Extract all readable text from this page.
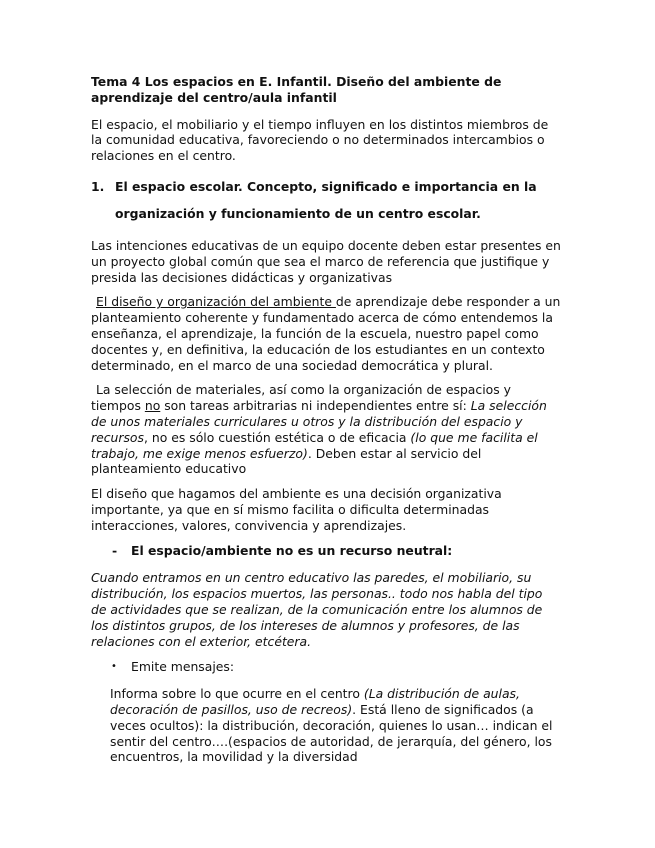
Tema 4 Los espacios en E. Infantil. Diseño del ambiente de aprendizaje del centro/aula infantil

El espacio, el mobiliario y el tiempo influyen en los distintos miembros de la comunidad educativa, favoreciendo o no determinados intercambios o relaciones en el centro.

1. El espacio escolar. Concepto, significado e importancia en la
organización y funcionamiento de un centro escolar.

Las intenciones educativas de un equipo docente deben estar presentes en un proyecto global común que sea el marco de referencia que justifique y presida las decisiones didácticas y organizativas

El diseño y organización del ambiente de aprendizaje debe responder a un planteamiento coherente y fundamentado acerca de cómo entendemos la enseñanza, el aprendizaje, la función de la escuela, nuestro papel como docentes y, en definitiva, la educación de los estudiantes en un contexto determinado, en el marco de una sociedad democrática y plural.

La selección de materiales, así como la organización de espacios y tiempos no son tareas arbitrarias ni independientes entre sí: La selección de unos materiales curriculares u otros y la distribución del espacio y recursos, no es sólo cuestión estética o de eficacia (lo que me facilita el trabajo, me exige menos esfuerzo). Deben estar al servicio del planteamiento educativo

El diseño que hagamos del ambiente es una decisión organizativa importante, ya que en sí mismo facilita o dificulta determinadas interacciones, valores, convivencia y aprendizajes.

- El espacio/ambiente no es un recurso neutral:

Cuando entramos en un centro educativo las paredes, el mobiliario, su distribución, los espacios muertos, las personas.. todo nos habla del tipo de actividades que se realizan, de la comunicación entre los alumnos de los distintos grupos, de los intereses de alumnos y profesores, de las relaciones con el exterior, etcétera.

• Emite mensajes:

Informa sobre lo que ocurre en el centro (La distribución de aulas, decoración de pasillos, uso de recreos). Está lleno de significados (a veces ocultos): la distribución, decoración, quienes lo usan… indican el sentir del centro….(espacios de autoridad, de jerarquía, del género, los encuentros, la movilidad y la diversidad
